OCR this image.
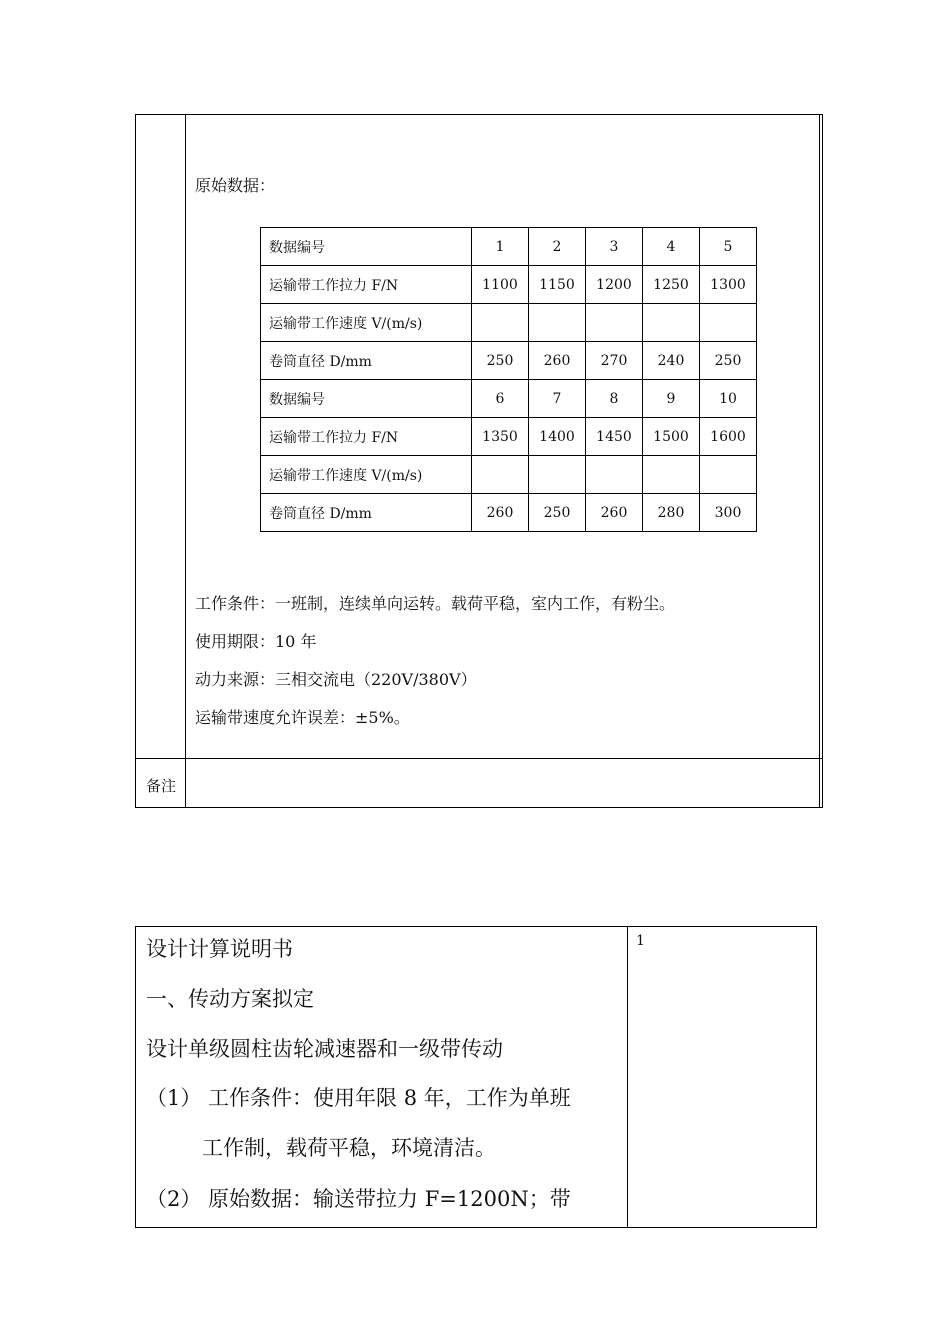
原始数据：
数据编号	1	2	3	4	5
运输带工作拉力 F/N	1100	1150	1200	1250	1300
运输带工作速度 V/(m/s)					
卷筒直径 D/mm	250	260	270	240	250
数据编号	6	7	8	9	10
运输带工作拉力 F/N	1350	1400	1450	1500	1600
运输带工作速度 V/(m/s)					
卷筒直径 D/mm	260	250	260	280	300
工作条件：一班制，连续单向运转。载荷平稳，室内工作，有粉尘。
使用期限：10 年
动力来源：三相交流电（220V/380V）
运输带速度允许误差：±5%。
备注
1
设计计算说明书
一、传动方案拟定
设计单级圆柱齿轮减速器和一级带传动
（1） 工作条件：使用年限 8 年，工作为单班
工作制，载荷平稳，环境清洁。
（2） 原始数据：输送带拉力 F=1200N；带
